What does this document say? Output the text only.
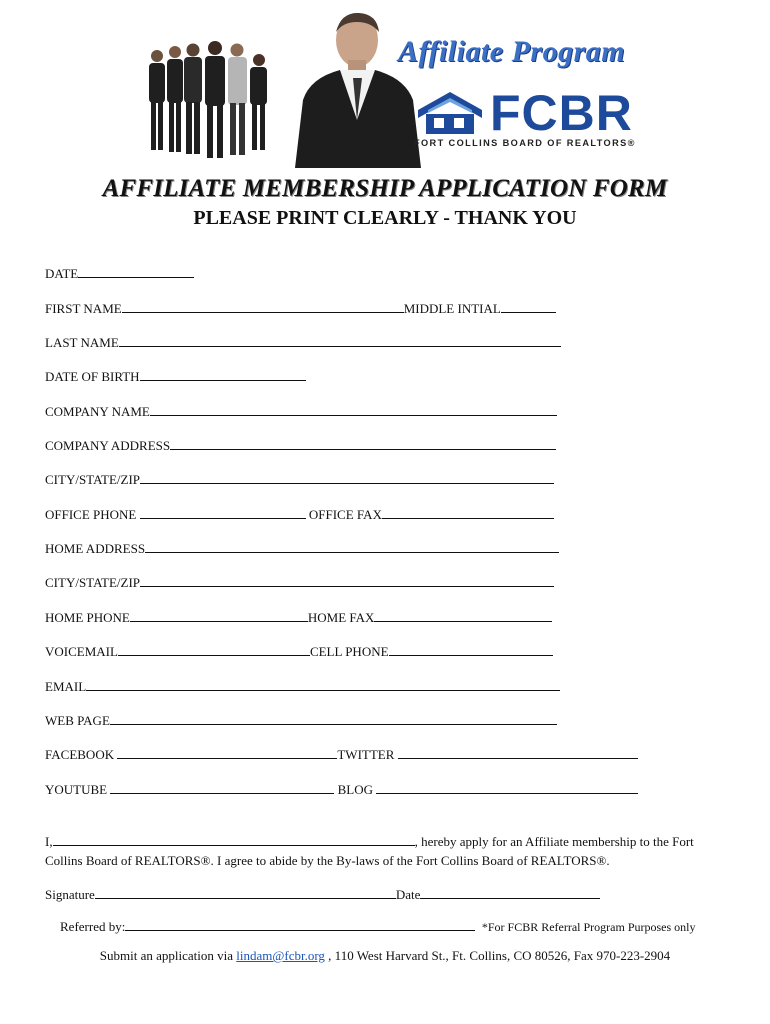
Affiliate Program
FCBR
FORT COLLINS BOARD OF REALTORS®
AFFILIATE MEMBERSHIP APPLICATION FORM
PLEASE PRINT CLEARLY - THANK YOU
DATE
FIRST NAME	MIDDLE INTIAL
LAST NAME
DATE OF BIRTH
COMPANY NAME
COMPANY ADDRESS
CITY/STATE/ZIP
OFFICE PHONE	OFFICE FAX
HOME ADDRESS
CITY/STATE/ZIP
HOME PHONE	HOME FAX
VOICEMAIL	CELL PHONE
EMAIL
WEB PAGE
FACEBOOK	TWITTER
YOUTUBE	BLOG
I,	, hereby apply for an Affiliate membership to the Fort
Collins Board of REALTORS®. I agree to abide by the By-laws of the Fort Collins Board of REALTORS®.
Signature	Date
Referred by:	*For FCBR Referral Program Purposes only
Submit an application via lindam@fcbr.org , 110 West Harvard St., Ft. Collins, CO 80526, Fax 970-223-2904
